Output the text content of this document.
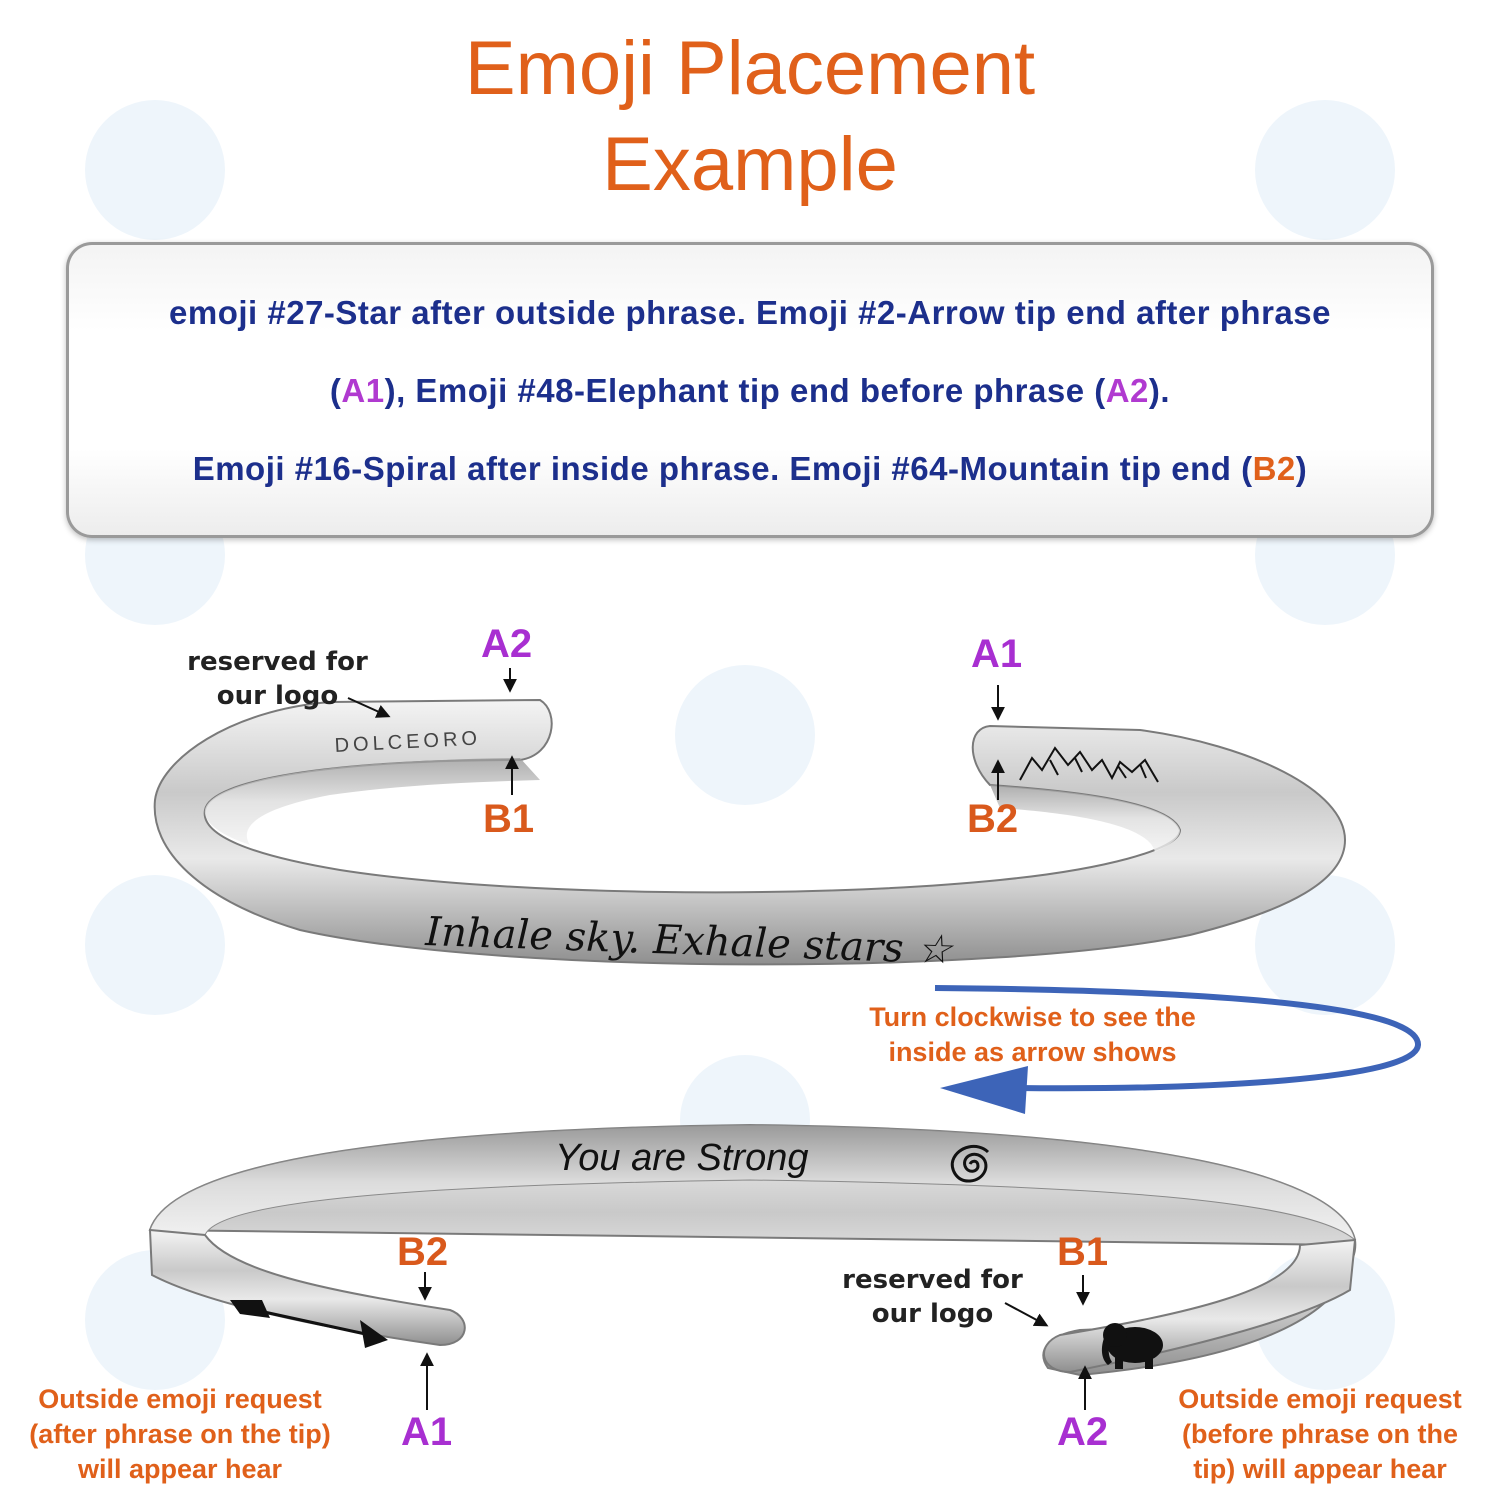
Emoji Placement
Example
emoji #27-Star after outside phrase. Emoji #2-Arrow tip end after phrase
(A1), Emoji #48-Elephant tip end before phrase (A2).
Emoji #16-Spiral after inside phrase. Emoji #64-Mountain tip end (B2)
DOLCEORO
Inhale sky. Exhale stars ☆
You are Strong
A2
B1
A1
B2
reserved for
our logo
Turn clockwise to see the
inside as arrow shows
B2
A1
B1
A2
reserved for
our logo
Outside emoji request
(after phrase on the tip)
will appear hear
Outside emoji request
(before phrase on the
tip) will appear hear
